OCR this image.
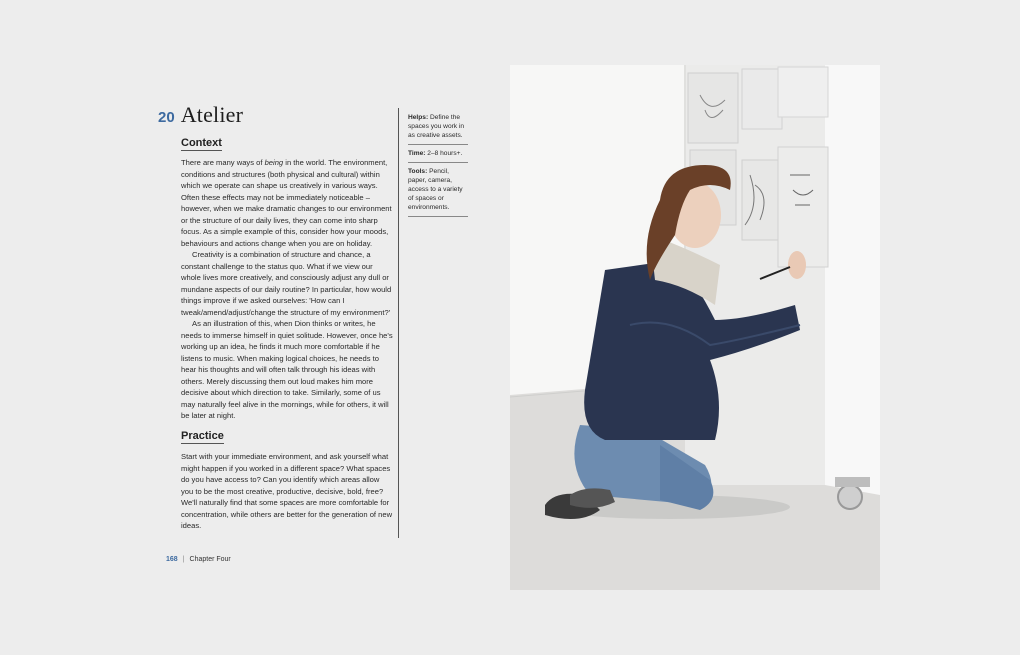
20 Atelier
Context

There are many ways of being in the world. The environment, conditions and structures (both physical and cultural) within which we operate can shape us creatively in various ways. Often these effects may not be immediately noticeable – however, when we make dramatic changes to our environment or the structure of our daily lives, they can come into sharp focus. As a simple example of this, consider how your moods, behaviours and actions change when you are on holiday.

Creativity is a combination of structure and chance, a constant challenge to the status quo. What if we view our whole lives more creatively, and consciously adjust any dull or mundane aspects of our daily routine? In particular, how would things improve if we asked ourselves: 'How can I tweak/amend/adjust/change the structure of my environment?'

As an illustration of this, when Dion thinks or writes, he needs to immerse himself in quiet solitude. However, once he's working up an idea, he finds it much more comfortable if he listens to music. When making logical choices, he needs to hear his thoughts and will often talk through his ideas with others. Merely discussing them out loud makes him more decisive about which direction to take. Similarly, some of us may naturally feel alive in the mornings, while for others, it will be later at night.

Practice

Start with your immediate environment, and ask yourself what might happen if you worked in a different space? What spaces do you have access to? Can you identify which areas allow you to be the most creative, productive, decisive, bold, free? We'll naturally find that some spaces are more comfortable for concentration, while others are better for the generation of new ideas.

Helps: Define the spaces you work in as creative assets.
Time: 2–8 hours+.
Tools: Pencil, paper, camera, access to a variety of spaces or environments.
168 | Chapter Four
